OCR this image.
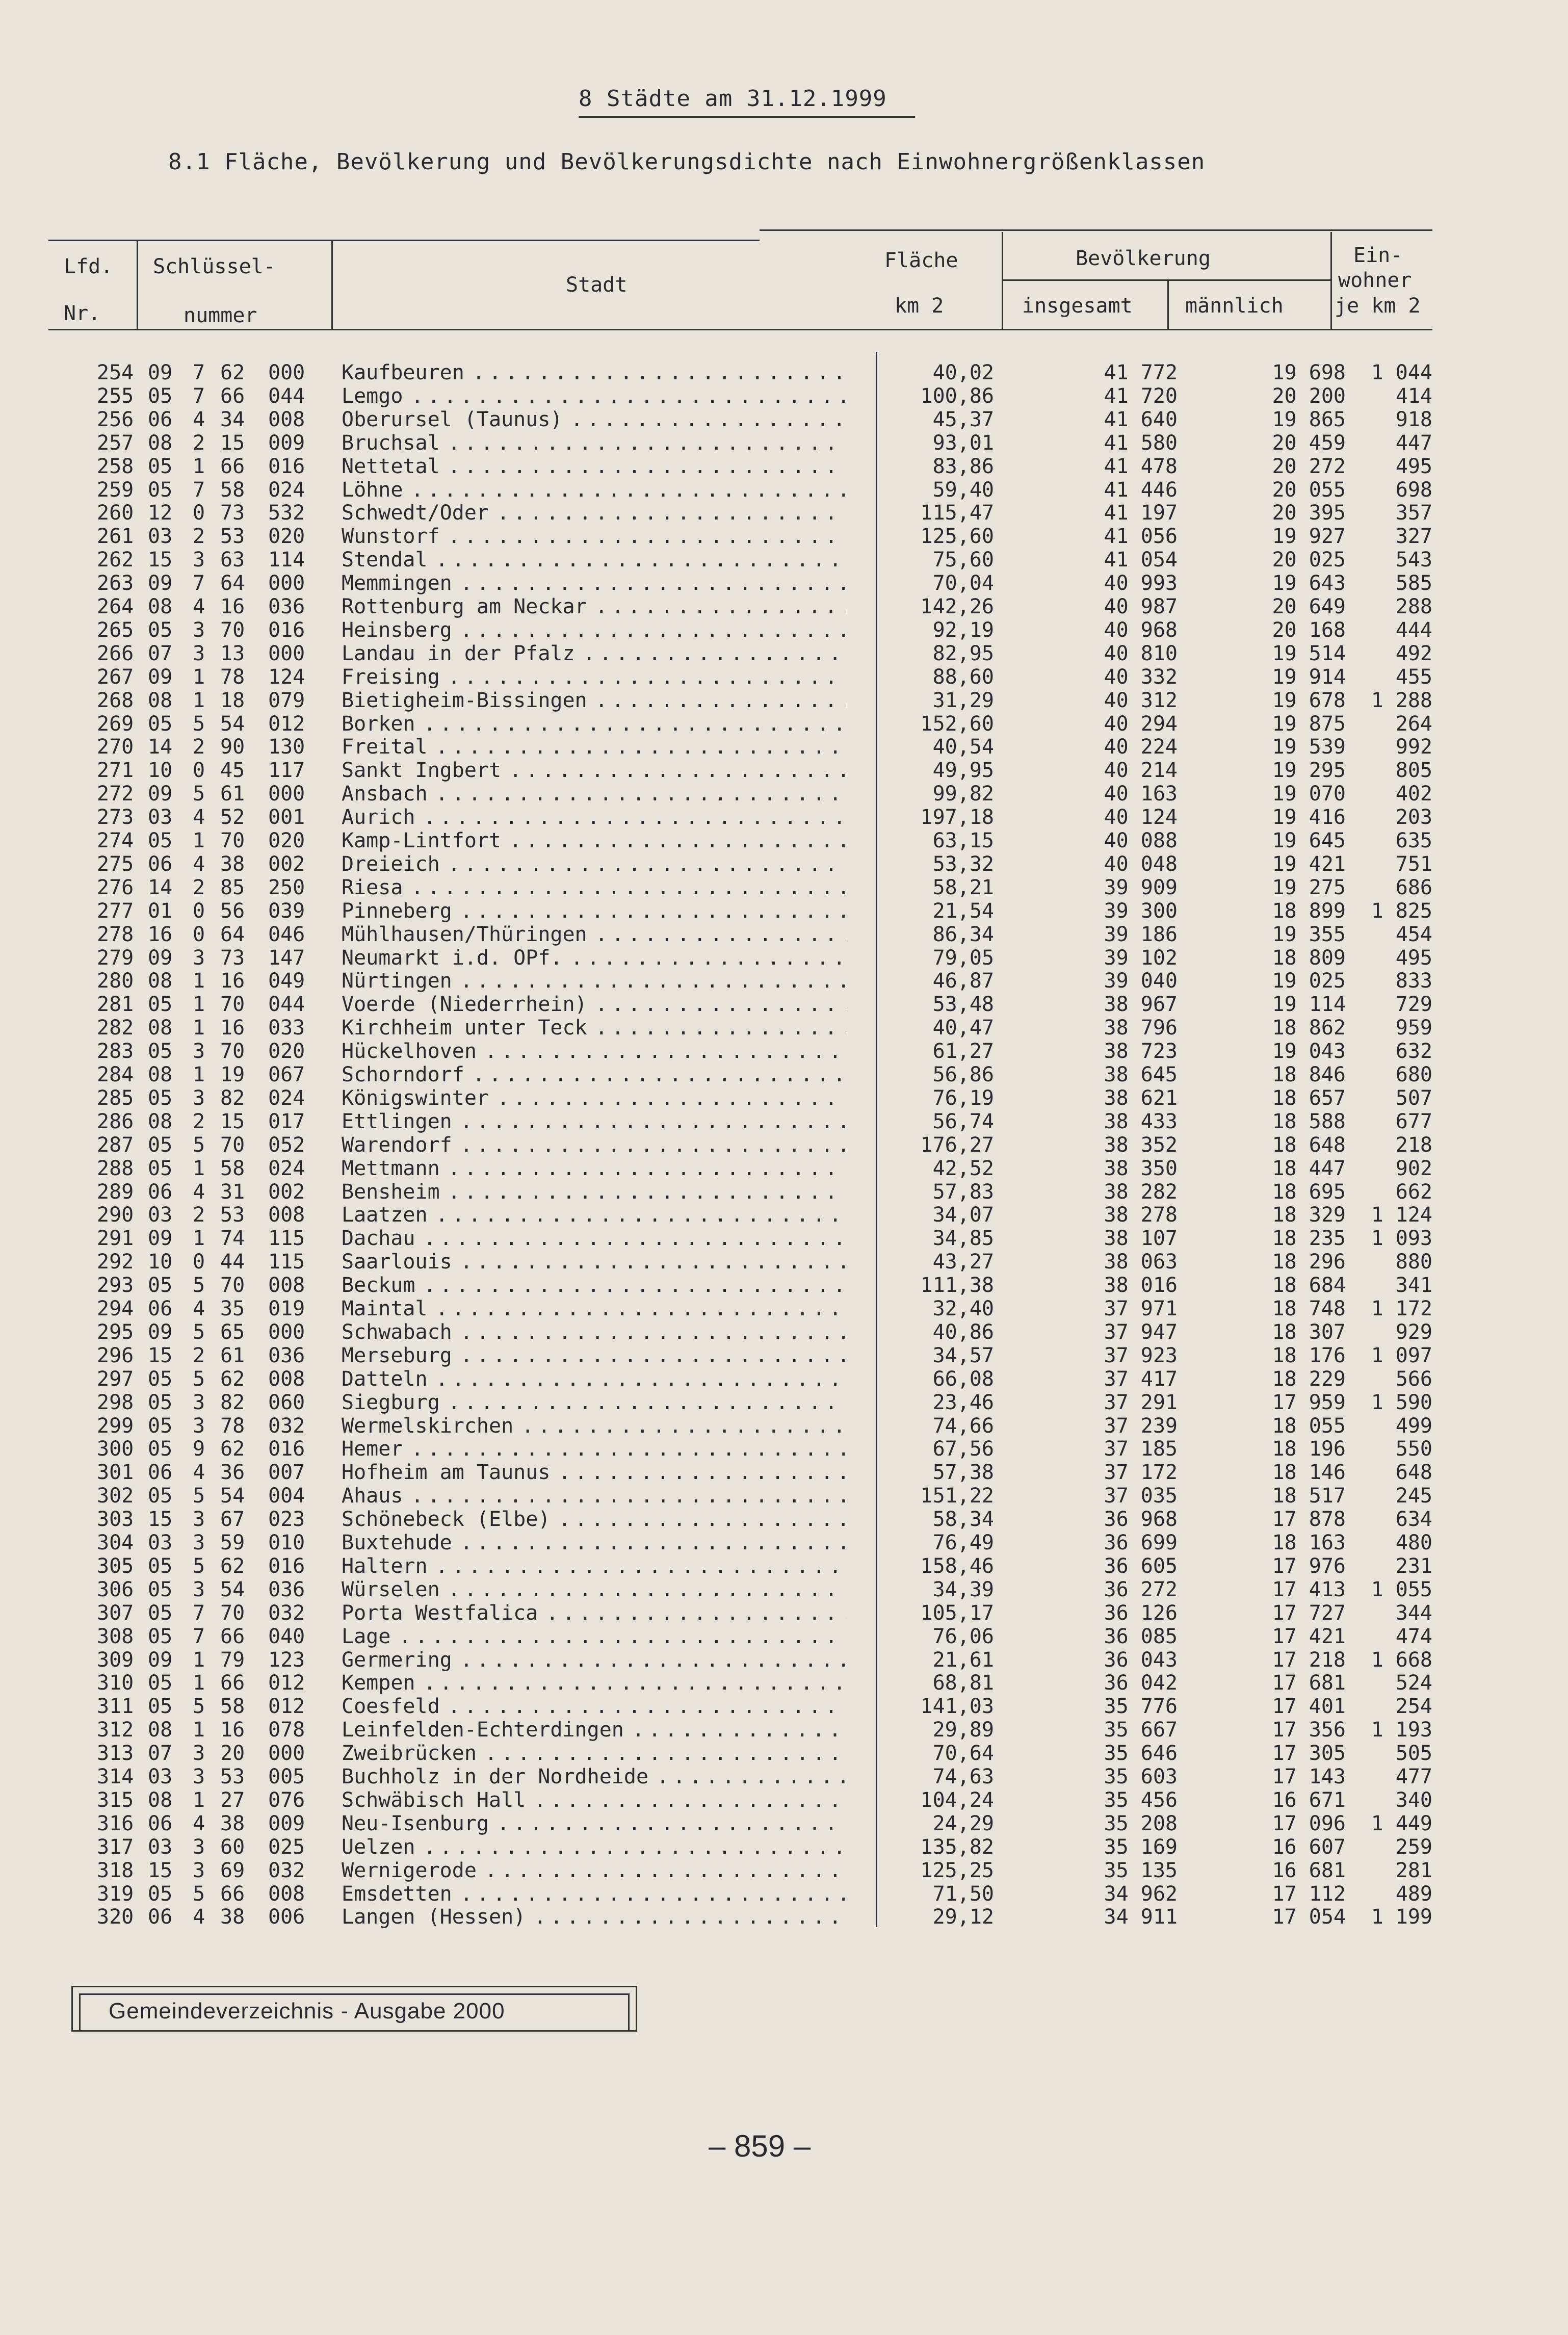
8 Städte am 31.12.1999
8.1 Fläche, Bevölkerung und Bevölkerungsdichte nach Einwohnergrößenklassen
Lfd.
Nr.
Schlüssel-
nummer
Stadt
Fläche
km 2
Bevölkerung
insgesamt	männlich
Ein-
wohner
je km 2
254 09 7 62 000 Kaufbeuren . . .	40,02	41 772	19 698	1 044
255 05 7 66 044 Lemgo . . .	100,86	41 720	20 200	414
256 06 4 34 008 Oberursel (Taunus) . . .	45,37	41 640	19 865	918
257 08 2 15 009 Bruchsal . . .	93,01	41 580	20 459	447
258 05 1 66 016 Nettetal . . .	83,86	41 478	20 272	495
259 05 7 58 024 Löhne . . .	59,40	41 446	20 055	698
260 12 0 73 532 Schwedt/Oder . . .	115,47	41 197	20 395	357
261 03 2 53 020 Wunstorf . . .	125,60	41 056	19 927	327
262 15 3 63 114 Stendal . . .	75,60	41 054	20 025	543
263 09 7 64 000 Memmingen . . .	70,04	40 993	19 643	585
264 08 4 16 036 Rottenburg am Neckar . . .	142,26	40 987	20 649	288
265 05 3 70 016 Heinsberg . . .	92,19	40 968	20 168	444
266 07 3 13 000 Landau in der Pfalz . . .	82,95	40 810	19 514	492
267 09 1 78 124 Freising . . .	88,60	40 332	19 914	455
268 08 1 18 079 Bietigheim-Bissingen . . .	31,29	40 312	19 678	1 288
269 05 5 54 012 Borken . . .	152,60	40 294	19 875	264
270 14 2 90 130 Freital . . .	40,54	40 224	19 539	992
271 10 0 45 117 Sankt Ingbert . . .	49,95	40 214	19 295	805
272 09 5 61 000 Ansbach . . .	99,82	40 163	19 070	402
273 03 4 52 001 Aurich . . .	197,18	40 124	19 416	203
274 05 1 70 020 Kamp-Lintfort . . .	63,15	40 088	19 645	635
275 06 4 38 002 Dreieich . . .	53,32	40 048	19 421	751
276 14 2 85 250 Riesa . . .	58,21	39 909	19 275	686
277 01 0 56 039 Pinneberg . . .	21,54	39 300	18 899	1 825
278 16 0 64 046 Mühlhausen/Thüringen . . .	86,34	39 186	19 355	454
279 09 3 73 147 Neumarkt i.d. OPf. . . .	79,05	39 102	18 809	495
280 08 1 16 049 Nürtingen . . .	46,87	39 040	19 025	833
281 05 1 70 044 Voerde (Niederrhein) . . .	53,48	38 967	19 114	729
282 08 1 16 033 Kirchheim unter Teck . . .	40,47	38 796	18 862	959
283 05 3 70 020 Hückelhoven . . .	61,27	38 723	19 043	632
284 08 1 19 067 Schorndorf . . .	56,86	38 645	18 846	680
285 05 3 82 024 Königswinter . . .	76,19	38 621	18 657	507
286 08 2 15 017 Ettlingen . . .	56,74	38 433	18 588	677
287 05 5 70 052 Warendorf . . .	176,27	38 352	18 648	218
288 05 1 58 024 Mettmann . . .	42,52	38 350	18 447	902
289 06 4 31 002 Bensheim . . .	57,83	38 282	18 695	662
290 03 2 53 008 Laatzen . . .	34,07	38 278	18 329	1 124
291 09 1 74 115 Dachau . . .	34,85	38 107	18 235	1 093
292 10 0 44 115 Saarlouis . . .	43,27	38 063	18 296	880
293 05 5 70 008 Beckum . . .	111,38	38 016	18 684	341
294 06 4 35 019 Maintal . . .	32,40	37 971	18 748	1 172
295 09 5 65 000 Schwabach . . .	40,86	37 947	18 307	929
296 15 2 61 036 Merseburg . . .	34,57	37 923	18 176	1 097
297 05 5 62 008 Datteln . . .	66,08	37 417	18 229	566
298 05 3 82 060 Siegburg . . .	23,46	37 291	17 959	1 590
299 05 3 78 032 Wermelskirchen . . .	74,66	37 239	18 055	499
300 05 9 62 016 Hemer . . .	67,56	37 185	18 196	550
301 06 4 36 007 Hofheim am Taunus . . .	57,38	37 172	18 146	648
302 05 5 54 004 Ahaus . . .	151,22	37 035	18 517	245
303 15 3 67 023 Schönebeck (Elbe) . . .	58,34	36 968	17 878	634
304 03 3 59 010 Buxtehude . . .	76,49	36 699	18 163	480
305 05 5 62 016 Haltern . . .	158,46	36 605	17 976	231
306 05 3 54 036 Würselen . . .	34,39	36 272	17 413	1 055
307 05 7 70 032 Porta Westfalica . . .	105,17	36 126	17 727	344
308 05 7 66 040 Lage . . .	76,06	36 085	17 421	474
309 09 1 79 123 Germering . . .	21,61	36 043	17 218	1 668
310 05 1 66 012 Kempen . . .	68,81	36 042	17 681	524
311 05 5 58 012 Coesfeld . . .	141,03	35 776	17 401	254
312 08 1 16 078 Leinfelden-Echterdingen . . .	29,89	35 667	17 356	1 193
313 07 3 20 000 Zweibrücken . . .	70,64	35 646	17 305	505
314 03 3 53 005 Buchholz in der Nordheide . . .	74,63	35 603	17 143	477
315 08 1 27 076 Schwäbisch Hall . . .	104,24	35 456	16 671	340
316 06 4 38 009 Neu-Isenburg . . .	24,29	35 208	17 096	1 449
317 03 3 60 025 Uelzen . . .	135,82	35 169	16 607	259
318 15 3 69 032 Wernigerode . . .	125,25	35 135	16 681	281
319 05 5 66 008 Emsdetten . . .	71,50	34 962	17 112	489
320 06 4 38 006 Langen (Hessen) . . .	29,12	34 911	17 054	1 199
Gemeindeverzeichnis - Ausgabe 2000
– 859 –
